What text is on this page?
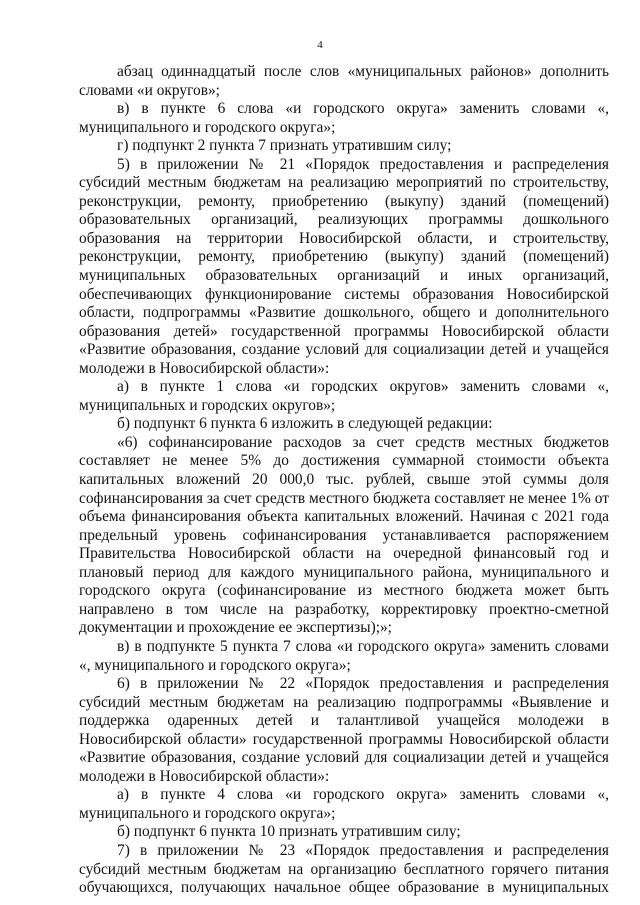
4

абзац одиннадцатый после слов «муниципальных районов» дополнить словами «и округов»;

в) в пункте 6 слова «и городского округа» заменить словами «, муниципального и городского округа»;

г) подпункт 2 пункта 7 признать утратившим силу;

5) в приложении № 21 «Порядок предоставления и распределения субсидий местным бюджетам на реализацию мероприятий по строительству, реконструкции, ремонту, приобретению (выкупу) зданий (помещений) образовательных организаций, реализующих программы дошкольного образования на территории Новосибирской области, и строительству, реконструкции, ремонту, приобретению (выкупу) зданий (помещений) муниципальных образовательных организаций и иных организаций, обеспечивающих функционирование системы образования Новосибирской области, подпрограммы «Развитие дошкольного, общего и дополнительного образования детей» государственной программы Новосибирской области «Развитие образования, создание условий для социализации детей и учащейся молодежи в Новосибирской области»:

а) в пункте 1 слова «и городских округов» заменить словами «, муниципальных и городских округов»;

б) подпункт 6 пункта 6 изложить в следующей редакции:

«6) софинансирование расходов за счет средств местных бюджетов составляет не менее 5% до достижения суммарной стоимости объекта капитальных вложений 20 000,0 тыс. рублей, свыше этой суммы доля софинансирования за счет средств местного бюджета составляет не менее 1% от объема финансирования объекта капитальных вложений. Начиная с 2021 года предельный уровень софинансирования устанавливается распоряжением Правительства Новосибирской области на очередной финансовый год и плановый период для каждого муниципального района, муниципального и городского округа (софинансирование из местного бюджета может быть направлено в том числе на разработку, корректировку проектно-сметной документации и прохождение ее экспертизы);»;

в) в подпункте 5 пункта 7 слова «и городского округа» заменить словами «, муниципального и городского округа»;

6) в приложении № 22 «Порядок предоставления и распределения субсидий местным бюджетам на реализацию подпрограммы «Выявление и поддержка одаренных детей и талантливой учащейся молодежи в Новосибирской области» государственной программы Новосибирской области «Развитие образования, создание условий для социализации детей и учащейся молодежи в Новосибирской области»:

а) в пункте 4 слова «и городского округа» заменить словами «, муниципального и городского округа»;

б) подпункт 6 пункта 10 признать утратившим силу;

7) в приложении № 23 «Порядок предоставления и распределения субсидий местным бюджетам на организацию бесплатного горячего питания обучающихся, получающих начальное общее образование в муниципальных
